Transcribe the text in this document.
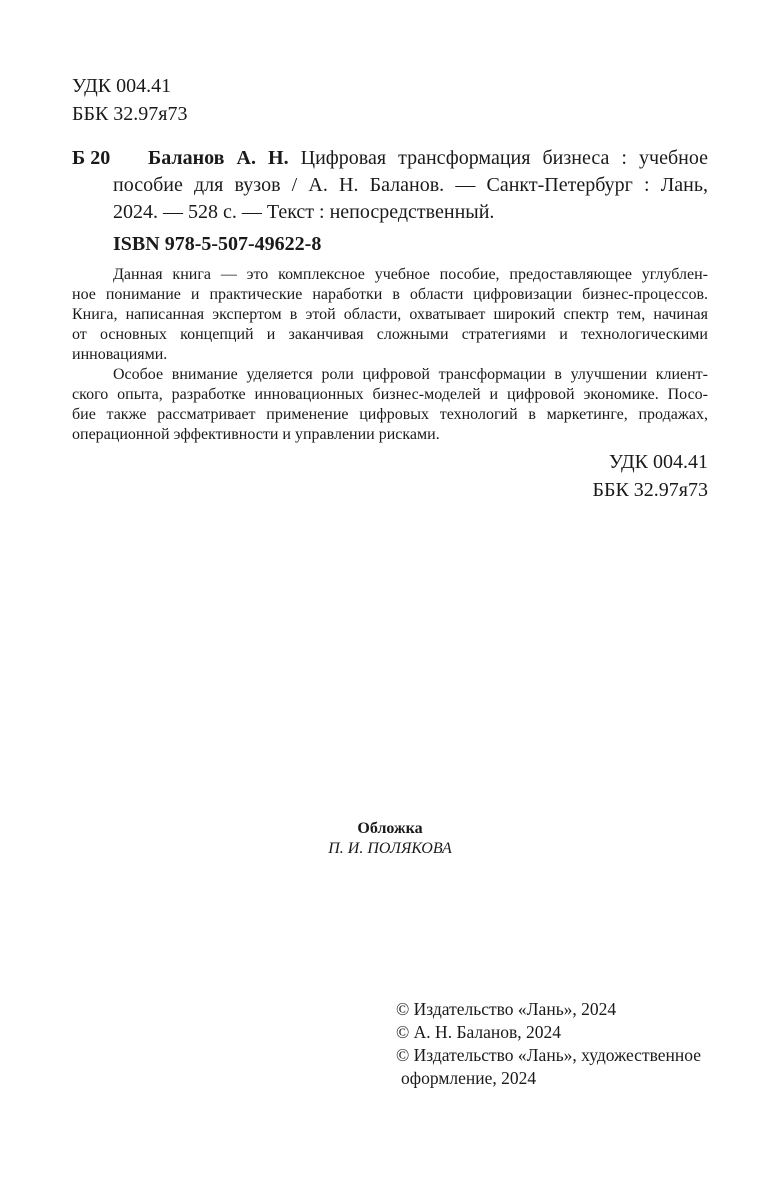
УДК 004.41
ББК 32.97я73
Б 20	Баланов А. Н. Цифровая трансформация бизнеса : учебное
пособие для вузов / А. Н. Баланов. — Санкт-Петербург : Лань,
2024. — 528 с. — Текст : непосредственный.
ISBN 978-5-507-49622-8
Данная книга — это комплексное учебное пособие, предоставляющее углублен-
ное понимание и практические наработки в области цифровизации бизнес-процессов.
Книга, написанная экспертом в этой области, охватывает широкий спектр тем, начиная
от основных концепций и заканчивая сложными стратегиями и технологическими
инновациями.
Особое внимание уделяется роли цифровой трансформации в улучшении клиент-
ского опыта, разработке инновационных бизнес-моделей и цифровой экономике. Посо-
бие также рассматривает применение цифровых технологий в маркетинге, продажах,
операционной эффективности и управлении рисками.
УДК 004.41
ББК 32.97я73
Обложка
П. И. ПОЛЯКОВА
© Издательство «Лань», 2024
© А. Н. Баланов, 2024
© Издательство «Лань», художественное
оформление, 2024
